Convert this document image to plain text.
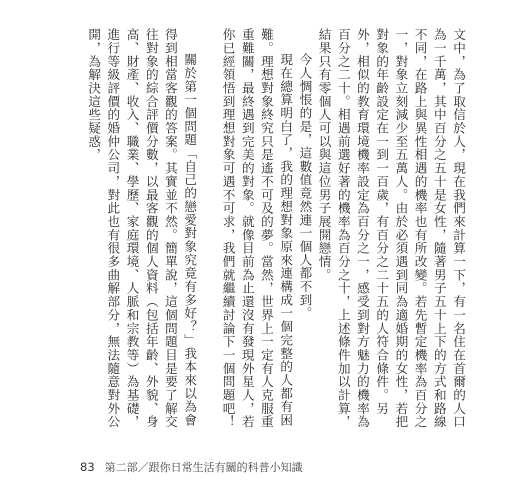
文中，為了取信於人，現在我們來計算一下，有一名住在首爾的人口為一千萬，其中百分之五十是女性，隨著男子五十上下的方式和路線不同，在路上與異性相遇的機率也有所改變。若先暫定機率為百分之一，對象立刻減少至五萬人。由於必須遇到同為適婚期的女性，若把對象的年齡設定在一到一百歲，有百分之二十五的人符合條件。另外，相似的教育環境機率設定為百分之一，感受到對方魅力的機率為百分之二十。相遇前選好著的機率為百分之十，上述條件加以計算，結果只有零個人可以與這位男子展開戀情。

今人惆悵的是，這數值竟然連一個人都不到。

現在總算明白了，我的理想對象原來連構成一個完整的人都有困難。理想對象終究只是遙不可及的夢。當然，世界上一定有人克服重重難關，最終遇到完美的對象。就像目前為止還沒有發現外星人，若你已經領悟到理想對象可遇不可求，我們就繼續討論下一個問題吧！

關於第一個問題「自己的戀愛對象究竟有多好？」我本來以為會得到相當客觀的答案。其實並不然。簡單說，這個問題目是要了解交往對象的綜合評價分數，以最客觀的個人資料（包括年齡、外貌、身高、財產、收入、職業、學歷、家庭環境、人脈和宗教等）為基礎，進行等級評價的婚仲公司，對此也有很多曲解部分，無法隨意對外公開，為解決這些疑惑，

83 第二部／跟你日常生活有關的科普小知識
